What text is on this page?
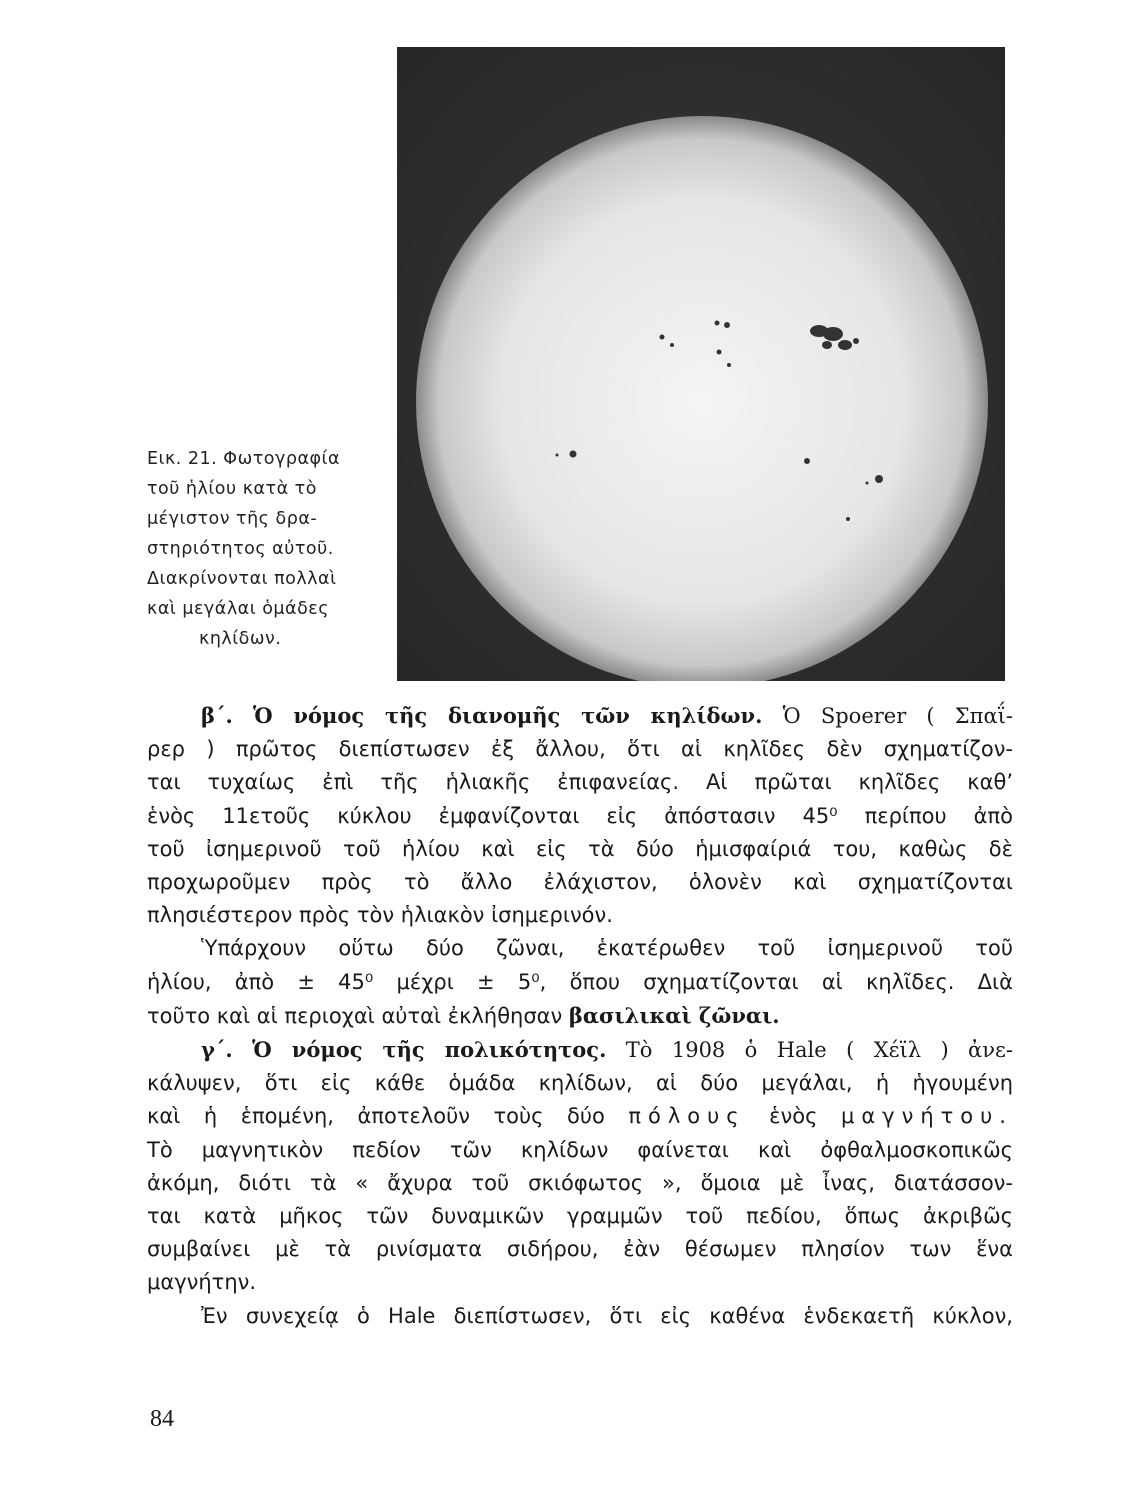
Εικ. 21. Φωτογραφία
τοῦ ἡλίου κατὰ τὸ
μέγιστον τῆς δρα-
στηριότητος αὐτοῦ.
Διακρίνονται πολλαὶ
καὶ μεγάλαι ὁμάδες
κηλίδων.
β΄. Ὁ νόμος τῆς διανομῆς τῶν κηλίδων. Ὁ Spoerer ( Σπαΐ-
ρερ ) πρῶτος διεπίστωσεν ἐξ ἄλλου, ὅτι αἱ κηλῖδες δὲν σχηματίζον-
ται τυχαίως ἐπὶ τῆς ἡλιακῆς ἐπιφανείας. Αἱ πρῶται κηλῖδες καθ’
ἑνὸς 11ετοῦς κύκλου ἐμφανίζονται εἰς ἀπόστασιν 45⁰ περίπου ἀπὸ
τοῦ ἰσημερινοῦ τοῦ ἡλίου καὶ εἰς τὰ δύο ἡμισφαίριά του, καθὼς δὲ
προχωροῦμεν πρὸς τὸ ἄλλο ἐλάχιστον, ὁλονὲν καὶ σχηματίζονται
πλησιέστερον πρὸς τὸν ἡλιακὸν ἰσημερινόν.
Ὑπάρχουν οὕτω δύο ζῶναι, ἑκατέρωθεν τοῦ ἰσημερινοῦ τοῦ
ἡλίου, ἀπὸ ± 45⁰ μέχρι ± 5⁰, ὅπου σχηματίζονται αἱ κηλῖδες. Διὰ
τοῦτο καὶ αἱ περιοχαὶ αὐταὶ ἐκλήθησαν βασιλικαὶ ζῶναι.
γ΄. Ὁ νόμος τῆς πολικότητος. Τὸ 1908 ὁ Hale ( Χέϊλ ) ἀνε-
κάλυψεν, ὅτι εἰς κάθε ὁμάδα κηλίδων, αἱ δύο μεγάλαι, ἡ ἡγουμένη
καὶ ἡ ἑπομένη, ἀποτελοῦν τοὺς δύο πόλους ἑνὸς μαγνήτου.
Τὸ μαγνητικὸν πεδίον τῶν κηλίδων φαίνεται καὶ ὀφθαλμοσκοπικῶς
ἀκόμη, διότι τὰ « ἄχυρα τοῦ σκιόφωτος », ὅμοια μὲ ἶνας, διατάσσον-
ται κατὰ μῆκος τῶν δυναμικῶν γραμμῶν τοῦ πεδίου, ὅπως ἀκριβῶς
συμβαίνει μὲ τὰ ρινίσματα σιδήρου, ἐὰν θέσωμεν πλησίον των ἕνα
μαγνήτην.
Ἐν συνεχείᾳ ὁ Hale διεπίστωσεν, ὅτι εἰς καθένα ἑνδεκαετῆ κύκλον,
84
